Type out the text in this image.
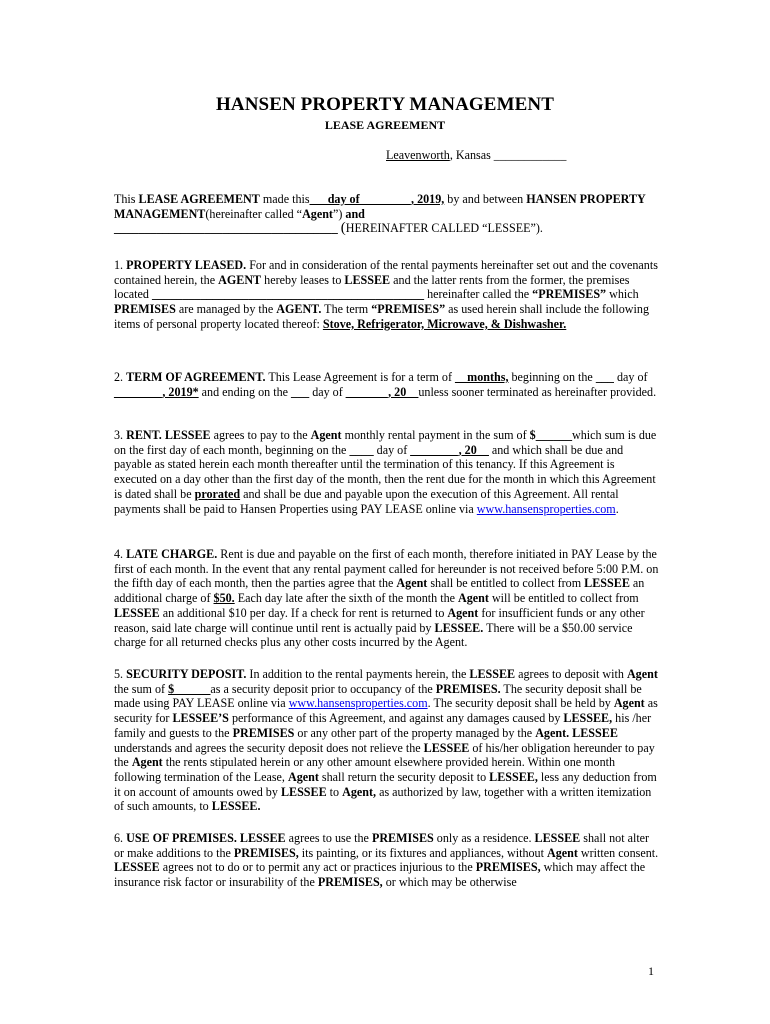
HANSEN PROPERTY MANAGEMENT
LEASE AGREEMENT
Leavenworth, Kansas ____________

This LEASE AGREEMENT made this___day of ________, 2019, by and between HANSEN PROPERTY MANAGEMENT(hereinafter called “Agent”) and
_____________________________________ (HEREINAFTER CALLED “LESSEE”).

1. PROPERTY LEASED. For and in consideration of the rental payments hereinafter set out and the covenants contained herein, the AGENT hereby leases to LESSEE and the latter rents from the former, the premises located _____________________________________________ hereinafter called the “PREMISES” which PREMISES are managed by the AGENT. The term “PREMISES” as used herein shall include the following items of personal property located thereof: Stove, Refrigerator, Microwave, & Dishwasher.

2. TERM OF AGREEMENT. This Lease Agreement is for a term of __months, beginning on the ___ day of ________, 2019* and ending on the ___ day of _______, 20__unless sooner terminated as hereinafter provided.

3. RENT. LESSEE agrees to pay to the Agent monthly rental payment in the sum of $______which sum is due on the first day of each month, beginning on the ____ day of ________, 20__ and which shall be due and payable as stated herein each month thereafter until the termination of this tenancy. If this Agreement is executed on a day other than the first day of the month, then the rent due for the month in which this Agreement is dated shall be prorated and shall be due and payable upon the execution of this Agreement. All rental payments shall be paid to Hansen Properties using PAY LEASE online via www.hansensproperties.com.

4. LATE CHARGE. Rent is due and payable on the first of each month, therefore initiated in PAY Lease by the first of each month. In the event that any rental payment called for hereunder is not received before 5:00 P.M. on the fifth day of each month, then the parties agree that the Agent shall be entitled to collect from LESSEE an additional charge of $50. Each day late after the sixth of the month the Agent will be entitled to collect from LESSEE an additional $10 per day. If a check for rent is returned to Agent for insufficient funds or any other reason, said late charge will continue until rent is actually paid by LESSEE. There will be a $50.00 service charge for all returned checks plus any other costs incurred by the Agent.

5. SECURITY DEPOSIT. In addition to the rental payments herein, the LESSEE agrees to deposit with Agent the sum of $______as a security deposit prior to occupancy of the PREMISES. The security deposit shall be made using PAY LEASE online via www.hansensproperties.com. The security deposit shall be held by Agent as security for LESSEE’S performance of this Agreement, and against any damages caused by LESSEE, his /her family and guests to the PREMISES or any other part of the property managed by the Agent. LESSEE understands and agrees the security deposit does not relieve the LESSEE of his/her obligation hereunder to pay the Agent the rents stipulated herein or any other amount elsewhere provided herein. Within one month following termination of the Lease, Agent shall return the security deposit to LESSEE, less any deduction from it on account of amounts owed by LESSEE to Agent, as authorized by law, together with a written itemization of such amounts, to LESSEE.

6. USE OF PREMISES. LESSEE agrees to use the PREMISES only as a residence. LESSEE shall not alter or make additions to the PREMISES, its painting, or its fixtures and appliances, without Agent written consent. LESSEE agrees not to do or to permit any act or practices injurious to the PREMISES, which may affect the insurance risk factor or insurability of the PREMISES, or which may be otherwise

1
